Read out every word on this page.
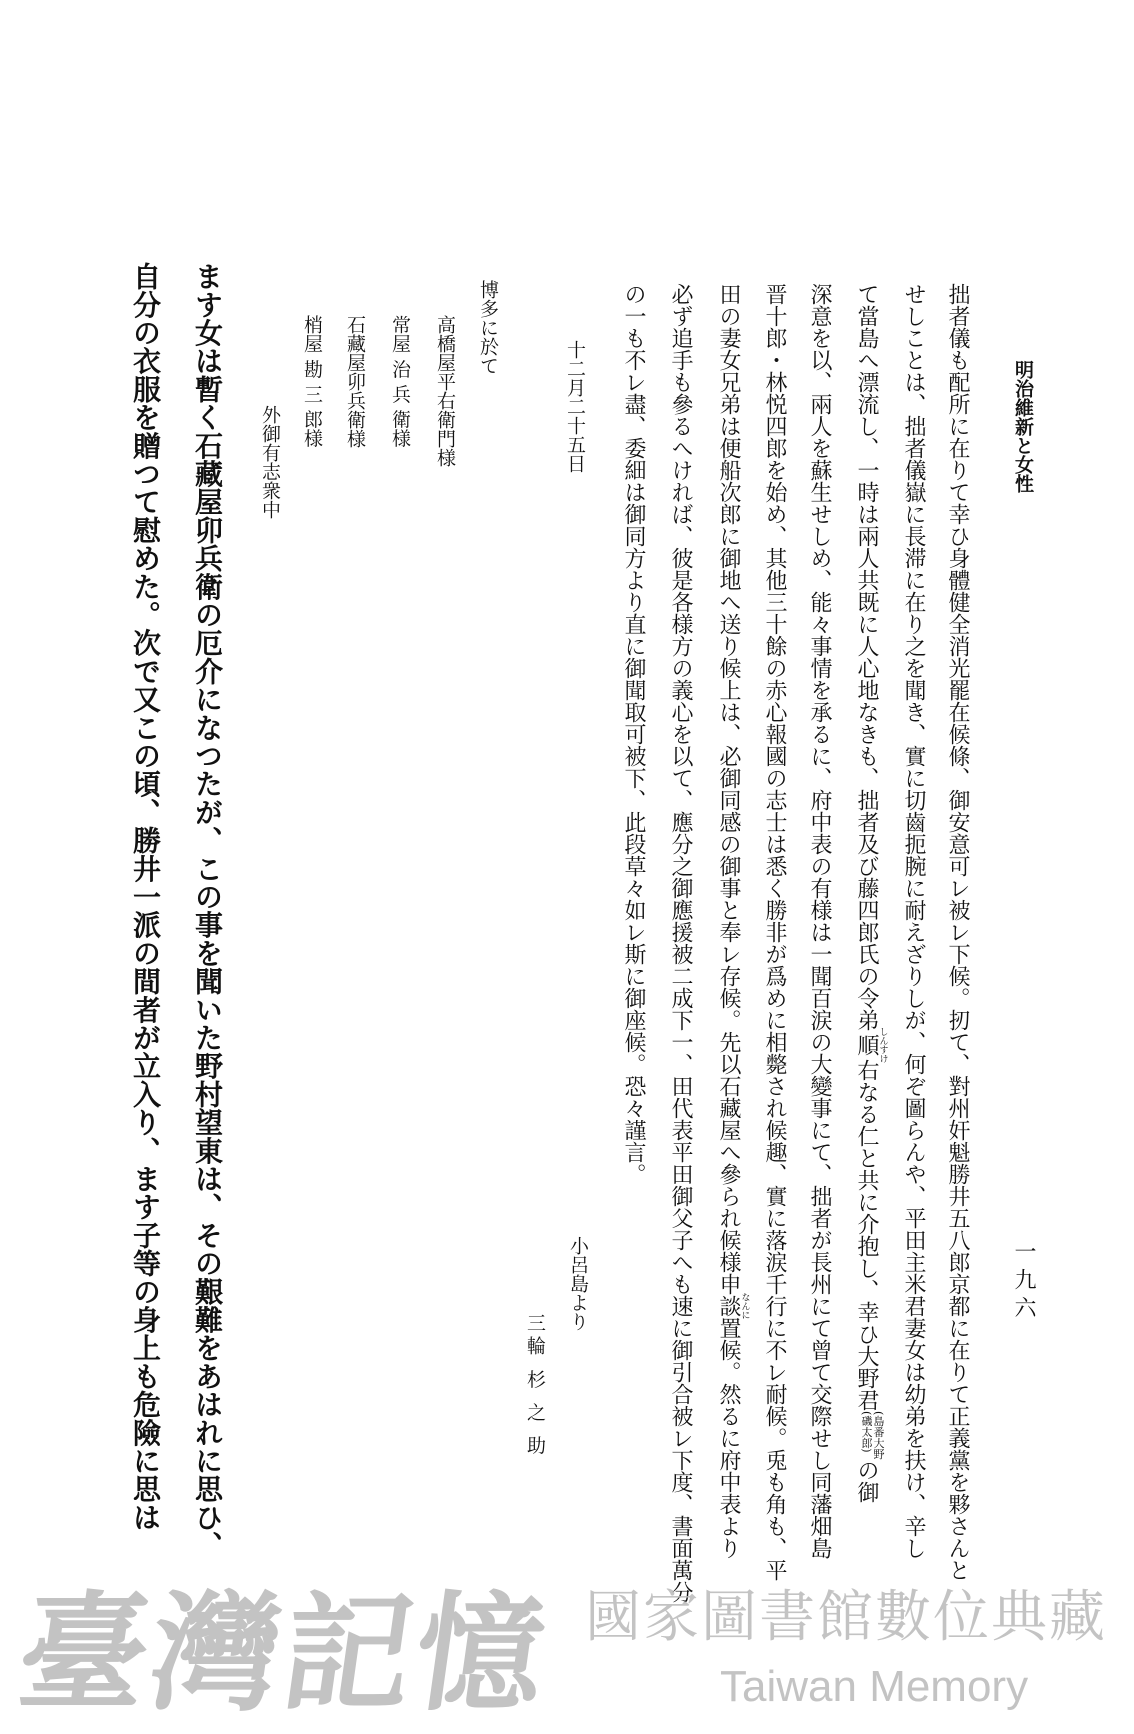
明治維新と女性
一九六
拙者儀も配所に在りて幸ひ身體健全消光罷在候條、御安意可レ被レ下候。扨て、對州奸魁勝井五八郎京都に在りて正義黨を夥さんと
せしことは、拙者儀嶽に長滞に在り之を聞き、實に切齒扼腕に耐えざりしが、何ぞ圖らんや、平田主米君妻女は幼弟を扶け、辛し
て當島へ漂流し、一時は兩人共既に人心地なきも、拙者及び藤四郎氏の令弟順しんすけ右なる仁と共に介抱し、幸ひ大野君
(島番大野
(磯太郎)
の御
深意を以、兩人を蘇生せしめ、能々事情を承るに、府中表の有様は一聞百涙の大變事にて、拙者が長州にて曾て交際せし同藩畑島
晋十郎・林悦四郎を始め、其他三十餘の赤心報國の志士は悉く勝非が爲めに相斃され候趣、實に落涙千行に不レ耐候。兎も角も、平
田の妻女兄弟は便船次郎に御地へ送り候上は、必御同感の御事と奉レ存候。先以石藏屋へ參られ候様申談なんに置候。然るに府中表より
必ず追手も參るへければ、彼是各様方の義心を以て、應分之御應援被二成下一、田代表平田御父子へも速に御引合被レ下度、書面萬分
の一も不レ盡、委細は御同方より直に御聞取可被下、此段草々如レ斯に御座候。恐々謹言。
十二月二十五日
小呂島より
三輪 杉 之 助
博多に於て
高橋屋平右衛門様
常屋 治 兵 衛様
石藏屋卯兵衛様
梢屋 勘 三 郎様
外御有志衆中
ます女は暫く石藏屋卯兵衛の厄介になつたが、この事を聞いた野村望東は、その艱難をあはれに思ひ、
自分の衣服を贈つて慰めた。次で又この頃、勝井一派の間者が立入り、ます子等の身上も危險に思は
臺灣記憶	Taiwan Memory
國家圖書館數位典藏
